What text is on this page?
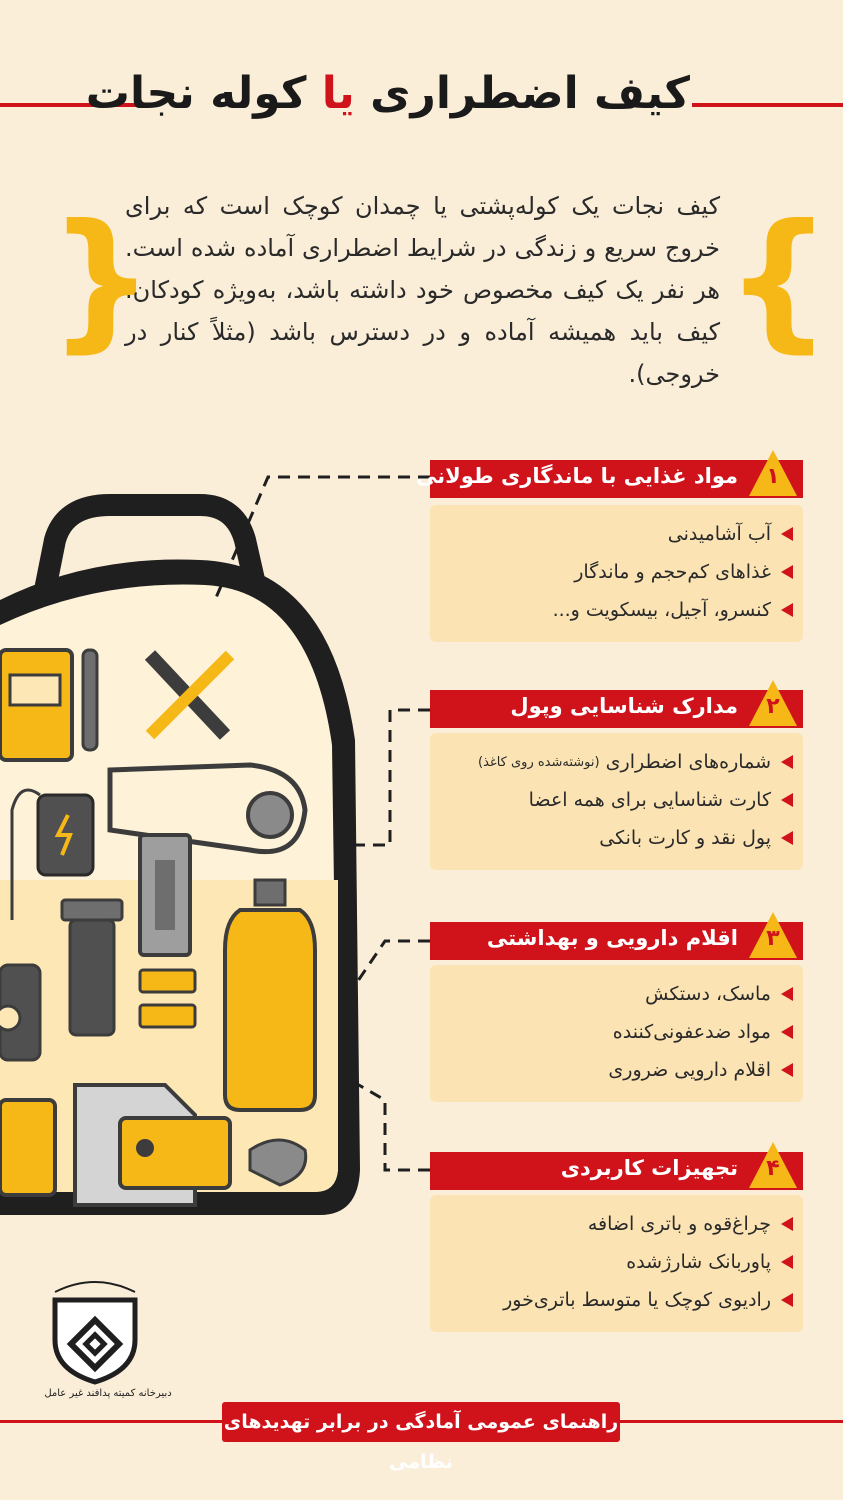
کیف اضطراری یا کوله نجات
}
{
کیف نجات یک کوله‌پشتی یا چمدان کوچک است که برای خروج سریع و زندگی در شرایط اضطراری آماده شده است. هر نفر یک کیف مخصوص خود داشته باشد، به‌ویژه کودکان. کیف باید همیشه آماده و در دسترس باشد (مثلاً کنار در خروجی).
۱
مواد غذایی با ماندگاری طولانی
آب آشامیدنی
غذاهای کم‌حجم و ماندگار
کنسرو، آجیل، بیسکویت و...
۲
مدارک شناسایی وپول
شماره‌های اضطراری

(نوشته‌شده روی کاغذ)
کارت شناسایی برای همه اعضا
پول نقد و کارت بانکی
۳
اقلام دارویی و بهداشتی
ماسک، دستکش
مواد ضدعفونی‌کننده
اقلام دارویی ضروری
۴
تجهیزات کاربردی
چراغ‌قوه و باتری اضافه
پاوربانک شارژشده
رادیوی کوچک یا متوسط باتری‌خور
دبیرخانه کمیته پدافند غیر عامل
راهنمای عمومی آمادگی در برابر تهدیدهای نظامی
